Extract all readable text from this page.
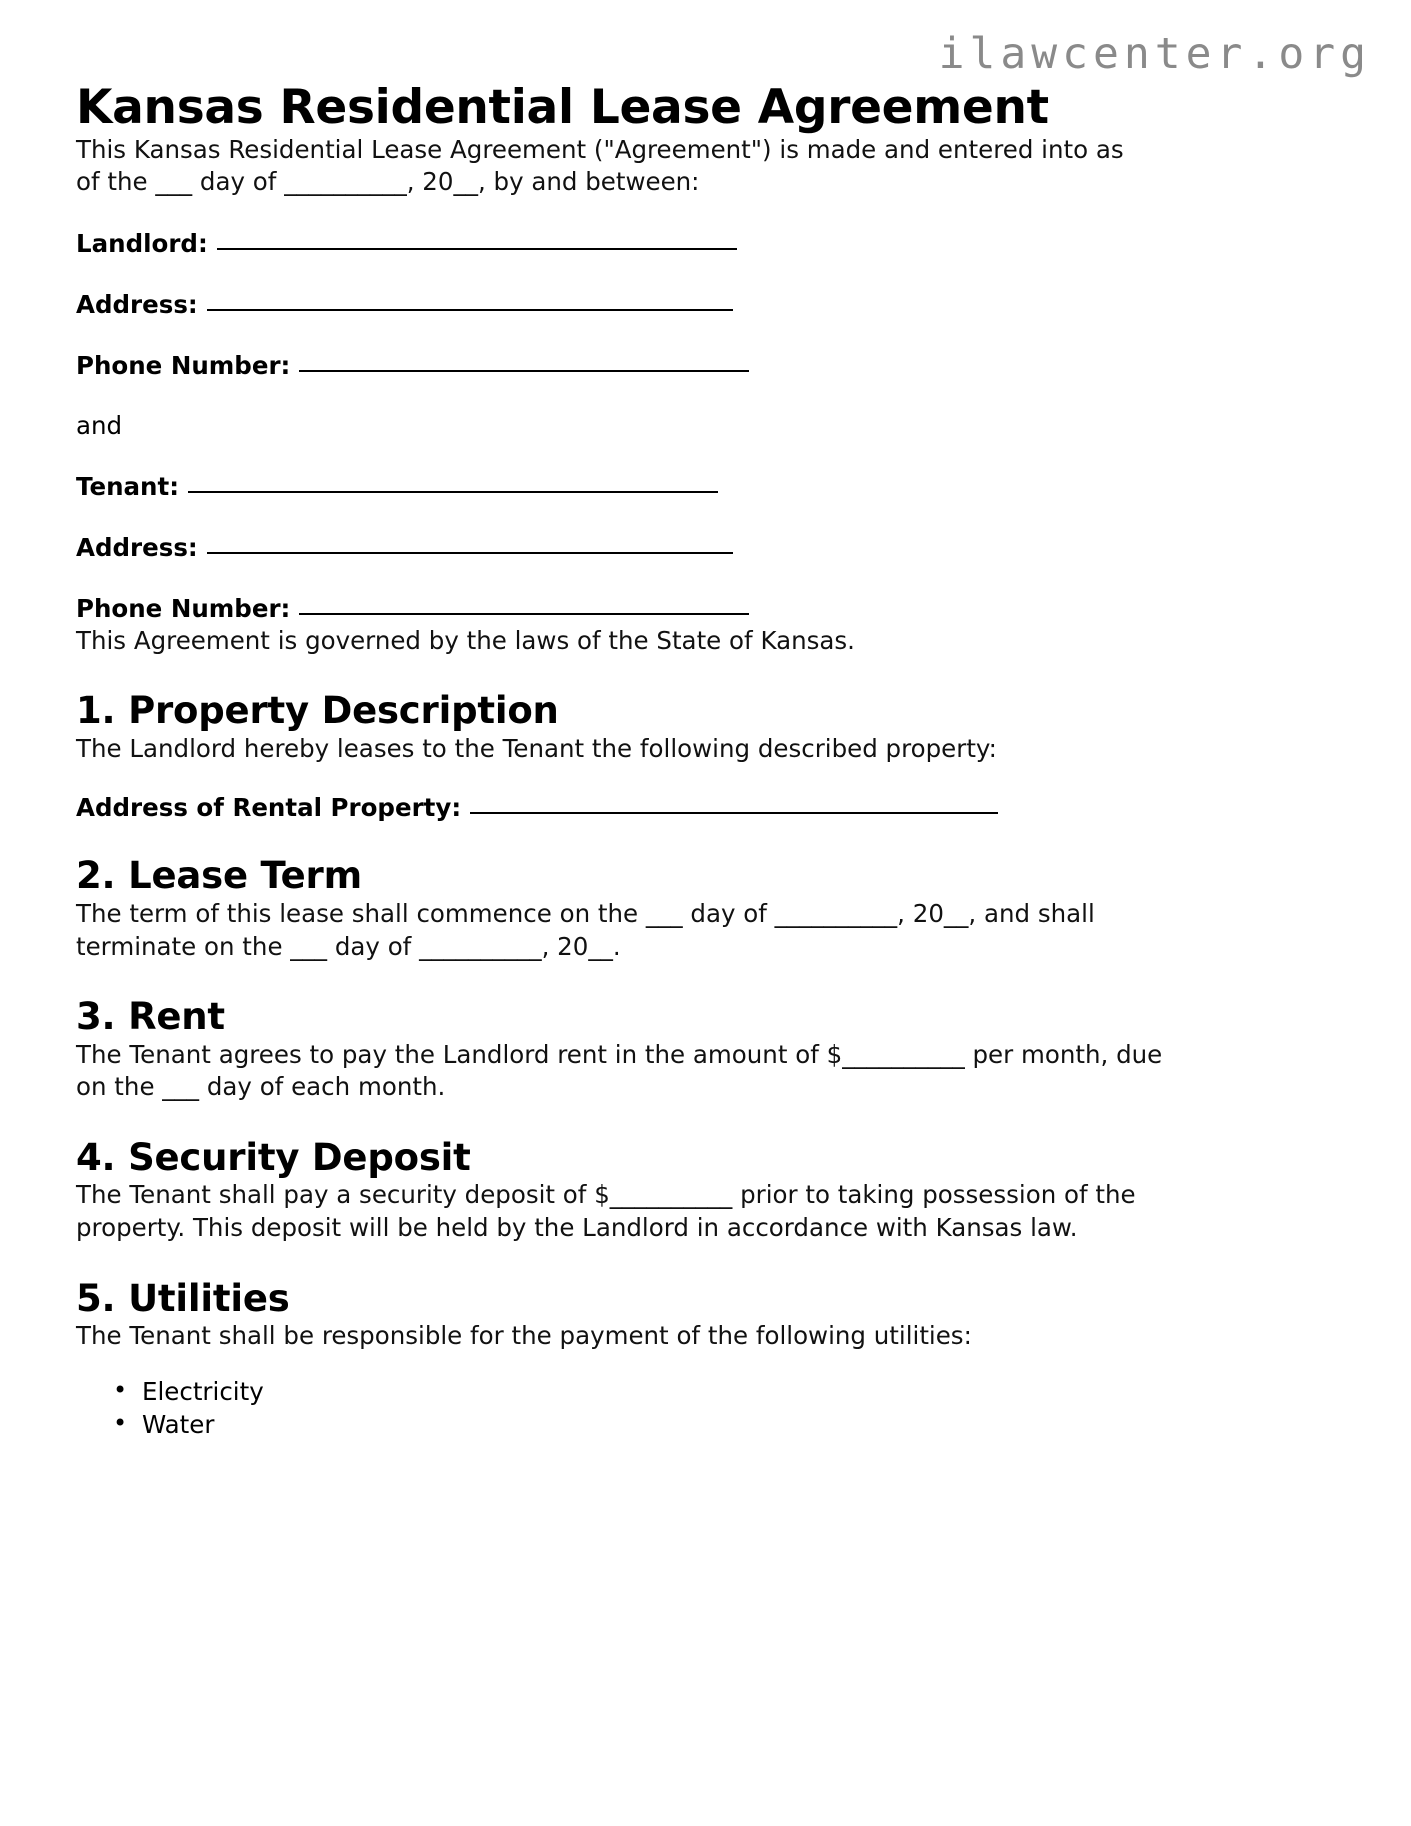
ilawcenter.org
Kansas Residential Lease Agreement

This Kansas Residential Lease Agreement ("Agreement") is made and entered into as of the ___ day of __________, 20__, by and between:

Landlord:
Address:
Phone Number:
and
Tenant:
Address:
Phone Number:

This Agreement is governed by the laws of the State of Kansas.

1. Property Description

The Landlord hereby leases to the Tenant the following described property:

Address of Rental Property:
2. Lease Term

The term of this lease shall commence on the ___ day of __________, 20__, and shall terminate on the ___ day of __________, 20__.

3. Rent

The Tenant agrees to pay the Landlord rent in the amount of $__________ per month, due on the ___ day of each month.

4. Security Deposit

The Tenant shall pay a security deposit of $__________ prior to taking possession of the property. This deposit will be held by the Landlord in accordance with Kansas law.

5. Utilities

The Tenant shall be responsible for the payment of the following utilities:

• Electricity
• Water
